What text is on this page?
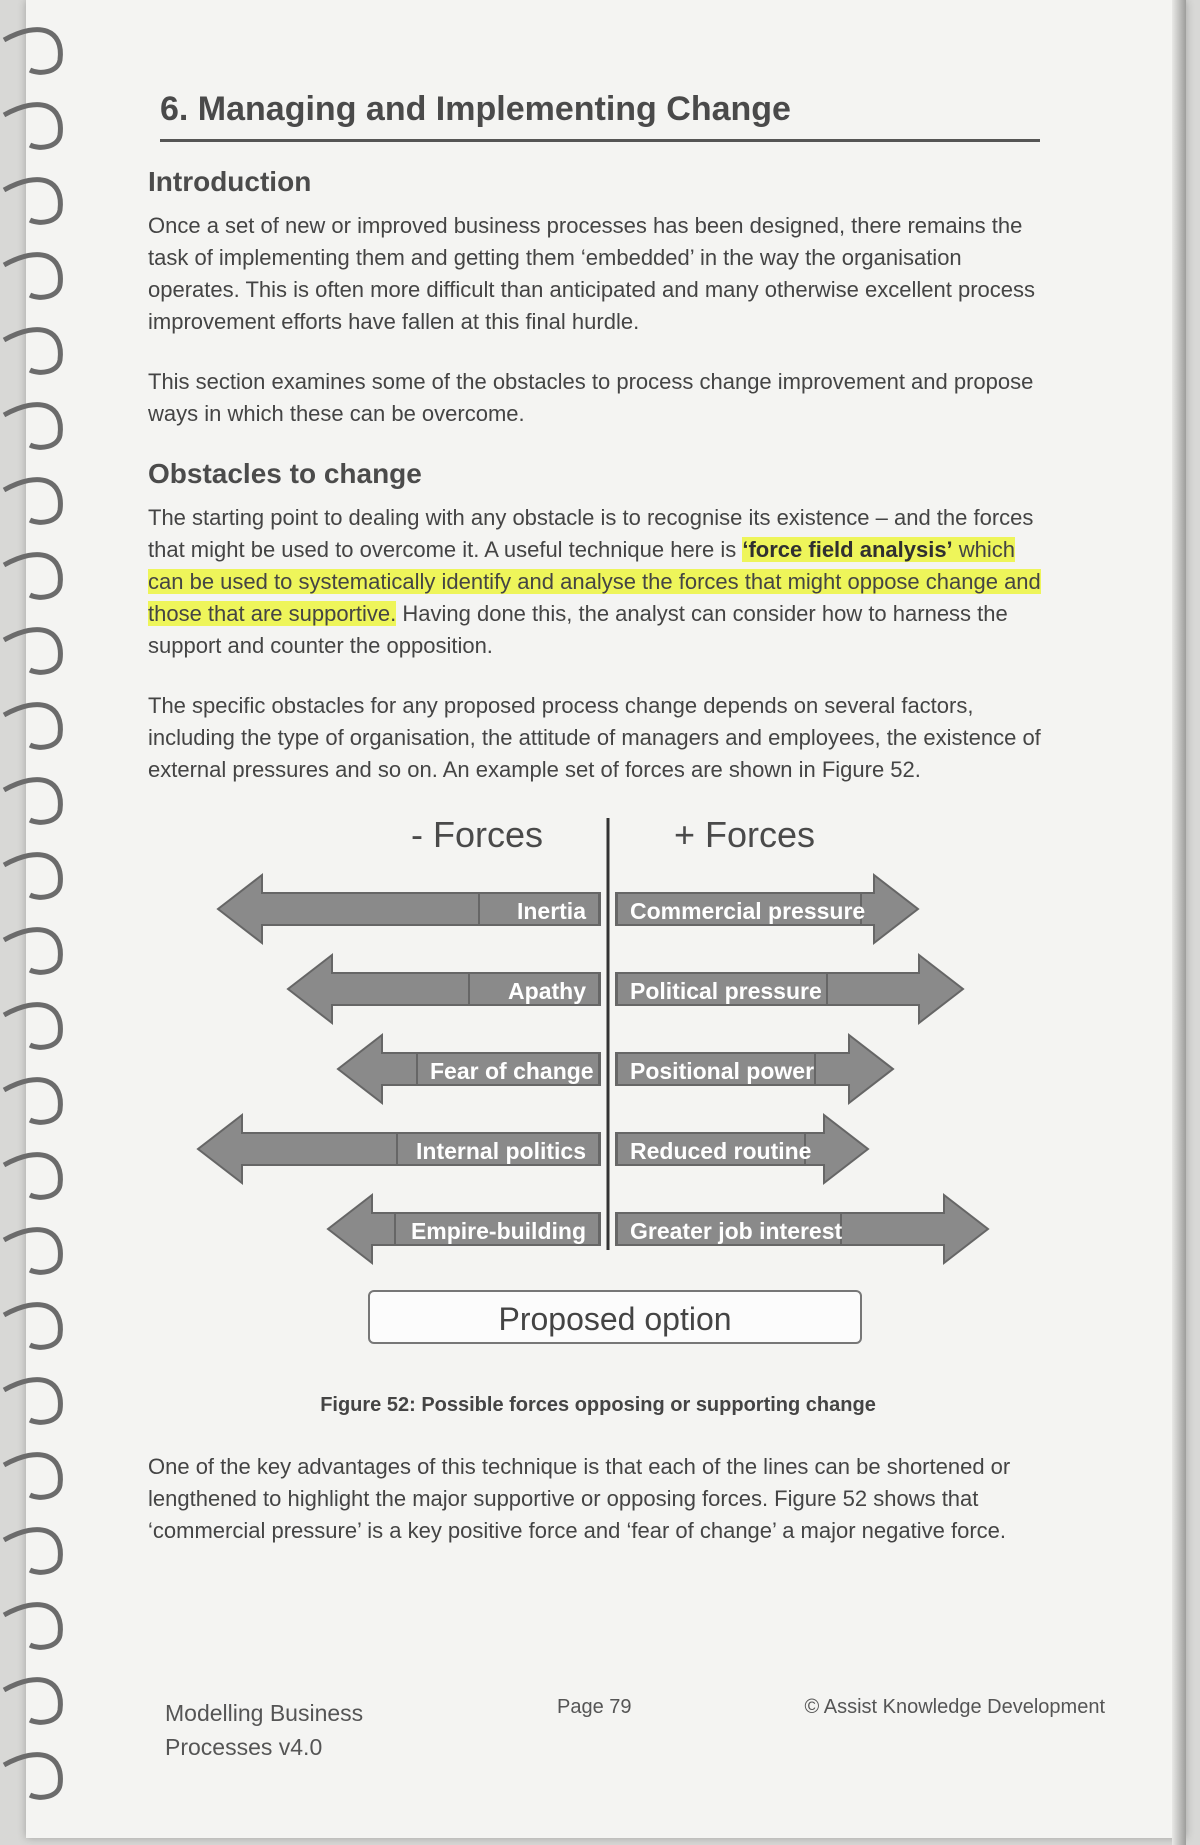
6. Managing and Implementing Change
Introduction

Once a set of new or improved business processes has been designed, there remains the task of implementing them and getting them ‘embedded’ in the way the organisation operates. This is often more difficult than anticipated and many otherwise excellent process improvement efforts have fallen at this final hurdle.

This section examines some of the obstacles to process change improvement and propose ways in which these can be overcome.

Obstacles to change

The starting point to dealing with any obstacle is to recognise its existence – and the forces that might be used to overcome it. A useful technique here is ‘force field analysis’ which can be used to systematically identify and analyse the forces that might oppose change and those that are supportive. Having done this, the analyst can consider how to harness the support and counter the opposition.

The specific obstacles for any proposed process change depends on several factors, including the type of organisation, the attitude of managers and employees, the existence of external pressures and so on. An example set of forces are shown in Figure 52.

- Forces	+ Forces
Inertia
Apathy
Fear of change
Internal politics
Empire-building
Commercial pressure
Political pressure
Positional power
Reduced routine
Greater job interest
Proposed option
Figure 52: Possible forces opposing or supporting change

One of the key advantages of this technique is that each of the lines can be shortened or lengthened to highlight the major supportive or opposing forces. Figure 52 shows that ‘commercial pressure’ is a key positive force and ‘fear of change’ a major negative force.

Modelling Business
Processes v4.0
Page 79	© Assist Knowledge Development
